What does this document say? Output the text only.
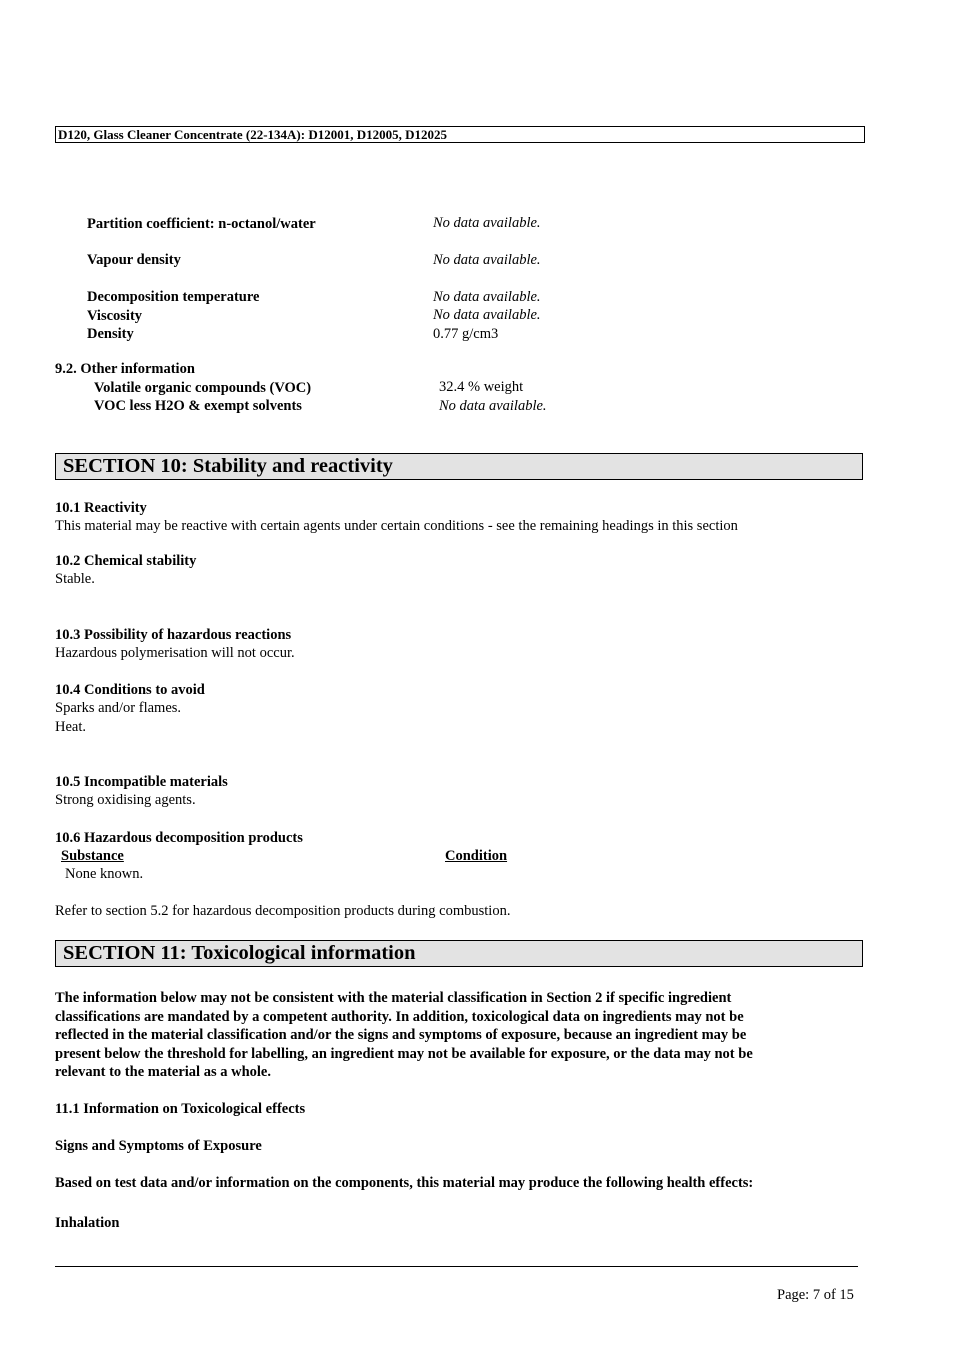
D120, Glass Cleaner Concentrate (22-134A): D12001, D12005, D12025
Partition coefficient: n-octanol/water	No data available.
Vapour density	No data available.
Decomposition temperature	No data available.
Viscosity	No data available.
Density	0.77 g/cm3
9.2. Other information
Volatile organic compounds (VOC)	32.4 % weight
VOC less H2O & exempt solvents	No data available.
SECTION 10: Stability and reactivity
10.1 Reactivity
This material may be reactive with certain agents under certain conditions - see the remaining headings in this section
10.2 Chemical stability
Stable.
10.3 Possibility of hazardous reactions
Hazardous polymerisation will not occur.
10.4 Conditions to avoid
Sparks and/or flames.
Heat.
10.5 Incompatible materials
Strong oxidising agents.
10.6 Hazardous decomposition products
Substance	Condition
None known.
Refer to section 5.2 for hazardous decomposition products during combustion.
SECTION 11: Toxicological information
The information below may not be consistent with the material classification in Section 2 if specific ingredient
classifications are mandated by a competent authority. In addition, toxicological data on ingredients may not be
reflected in the material classification and/or the signs and symptoms of exposure, because an ingredient may be
present below the threshold for labelling, an ingredient may not be available for exposure, or the data may not be
relevant to the material as a whole.
11.1 Information on Toxicological effects
Signs and Symptoms of Exposure
Based on test data and/or information on the components, this material may produce the following health effects:
Inhalation
Page: 7 of 15
